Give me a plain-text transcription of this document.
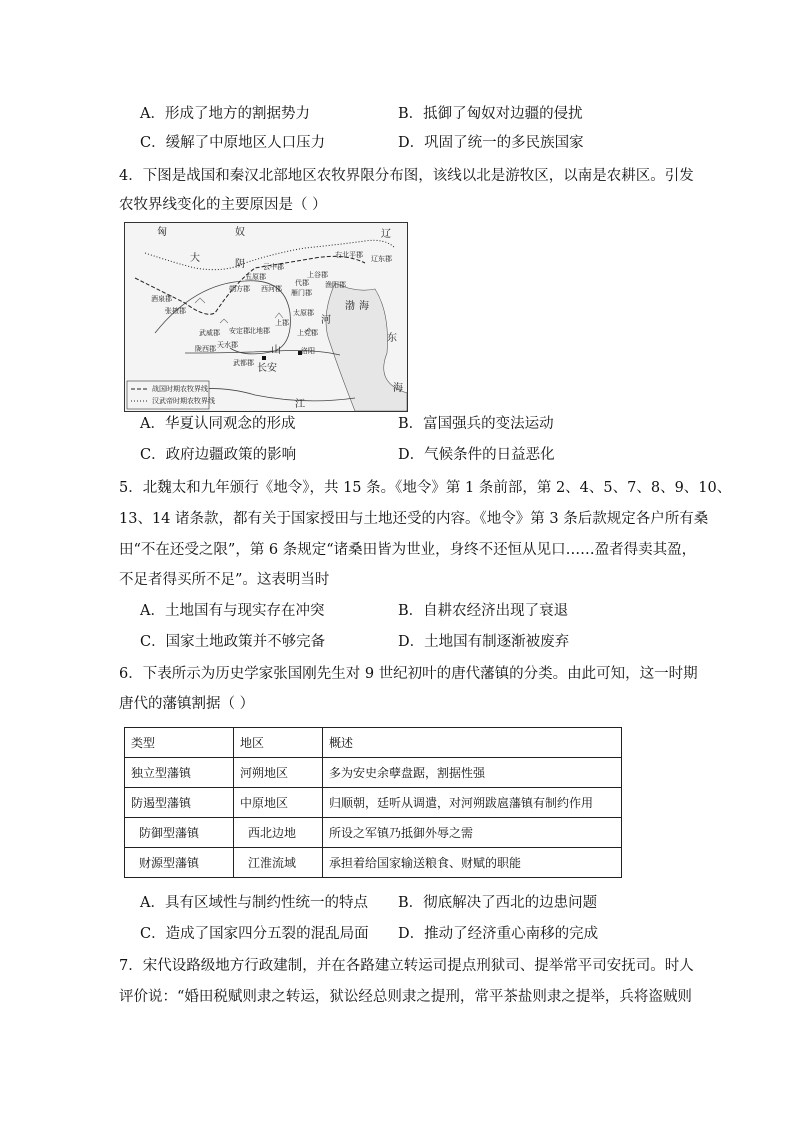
A．形成了地方的割据势力	B．抵御了匈奴对边疆的侵扰
C．缓解了中原地区人口压力	D．巩固了统一的多民族国家
4．下图是战国和秦汉北部地区农牧界限分布图，该线以北是游牧区，以南是农耕区。引发
农牧界线变化的主要原因是（ ）
匈	奴
大
辽
辽东郡
右北平郡
上谷郡
渔阳郡
云中郡
五原郡
朔方郡 西河郡 雁门郡
代郡
太原郡
上党郡
上郡
北地郡
安定郡
酒泉郡
张掖郡
武威郡
天水郡
陇西郡
武都郡 长安
洛阳
渤 海
东
海
江
河
阴
山
战国时期农牧界线
汉武帝时期农牧界线
A．华夏认同观念的形成	B．富国强兵的变法运动
C．政府边疆政策的影响	D．气候条件的日益恶化
5．北魏太和九年颁行《地令》，共 15 条。《地令》第 1 条前部，第 2、4、5、7、8、9、10、
13、14 诸条款，都有关于国家授田与土地还受的内容。《地令》第 3 条后款规定各户所有桑
田“不在还受之限”，第 6 条规定“诸桑田皆为世业，身终不还恒从见口……盈者得卖其盈，
不足者得买所不足”。这表明当时
A．土地国有与现实存在冲突	B．自耕农经济出现了衰退
C．国家土地政策并不够完备	D．土地国有制逐渐被废弃
6．下表所示为历史学家张国刚先生对 9 世纪初叶的唐代藩镇的分类。由此可知，这一时期
唐代的藩镇割据（ ）
类型	地区	概述
独立型藩镇	河朔地区	多为安史余孽盘踞，割据性强
防遏型藩镇	中原地区	归顺朝，廷听从调遣，对河朔跋扈藩镇有制约作用
防御型藩镇	西北边地	所设之军镇乃抵御外辱之需
财源型藩镇	江淮流域	承担着给国家输送粮食、财赋的职能
A．具有区域性与制约性统一的特点 B．彻底解决了西北的边患问题
C．造成了国家四分五裂的混乱局面 D．推动了经济重心南移的完成
7．宋代设路级地方行政建制，并在各路建立转运司提点刑狱司、提举常平司安抚司。时人
评价说：“婚田税赋则隶之转运，狱讼经总则隶之提刑，常平茶盐则隶之提举，兵将盗贼则
